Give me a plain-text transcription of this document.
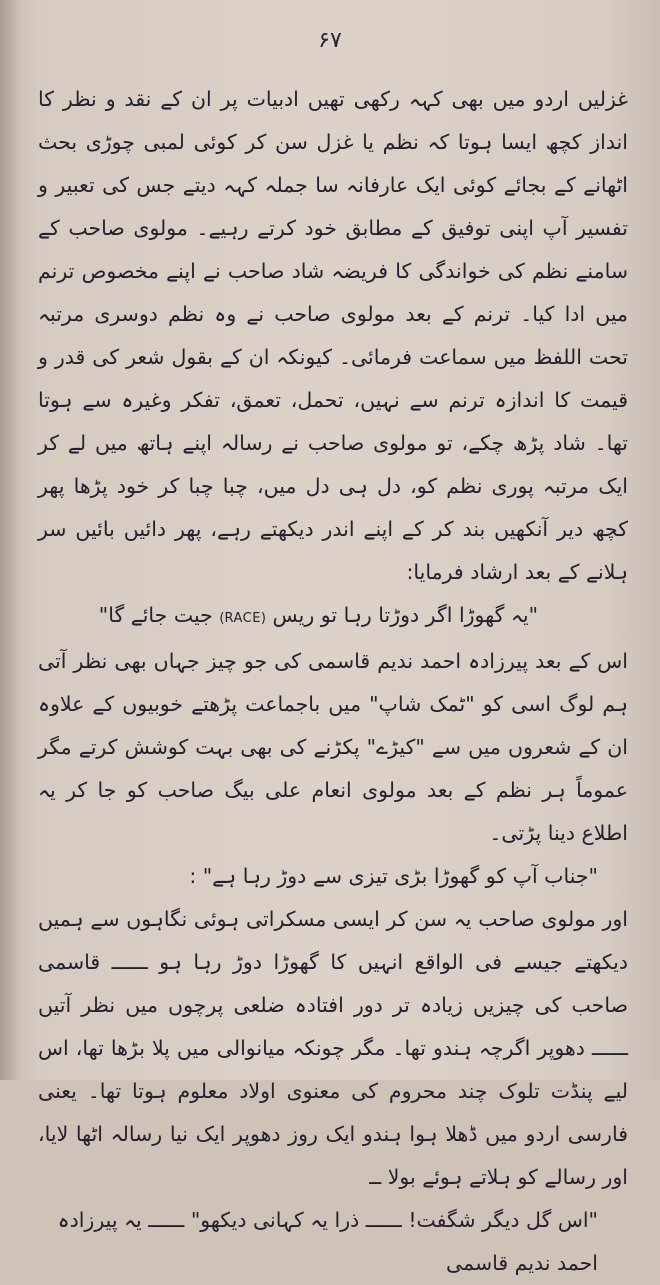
۶۷

غزلیں اردو میں بھی کہہ رکھی تھیں ادبیات پر ان کے نقد و نظر کا انداز کچھ ایسا ہوتا کہ نظم یا غزل سن کر کوئی لمبی چوڑی بحث اٹھانے کے بجائے کوئی ایک عارفانہ سا جملہ کہہ دیتے جس کی تعبیر و تفسیر آپ اپنی توفیق کے مطابق خود کرتے رہیے۔ مولوی صاحب کے سامنے نظم کی خواندگی کا فریضہ شاد صاحب نے اپنے مخصوص ترنم میں ادا کیا۔ ترنم کے بعد مولوی صاحب نے وہ نظم دوسری مرتبہ تحت اللفظ میں سماعت فرمائی۔ کیونکہ ان کے بقول شعر کی قدر و قیمت کا اندازہ ترنم سے نہیں، تحمل، تعمق، تفکر وغیرہ سے ہوتا تھا۔ شاد پڑھ چکے، تو مولوی صاحب نے رسالہ اپنے ہاتھ میں لے کر ایک مرتبہ پوری نظم کو، دل ہی دل میں، چبا چبا کر خود پڑھا پھر کچھ دیر آنکھیں بند کر کے اپنے اندر دیکھتے رہے، پھر دائیں بائیں سر ہلانے کے بعد ارشاد فرمایا:

"یہ گھوڑا اگر دوڑتا رہا تو ریس (RACE) جیت جائے گا"

اس کے بعد پیرزادہ احمد ندیم قاسمی کی جو چیز جہاں بھی نظر آتی ہم لوگ اسی کو "ٹمک شاپ" میں باجماعت پڑھتے خوبیوں کے علاوہ ان کے شعروں میں سے "کیڑے" پکڑنے کی بھی بہت کوشش کرتے مگر عموماً ہر نظم کے بعد مولوی انعام علی بیگ صاحب کو جا کر یہ اطلاع دینا پڑتی۔

"جناب آپ کو گھوڑا بڑی تیزی سے دوڑ رہا ہے" :

اور مولوی صاحب یہ سن کر ایسی مسکراتی ہوئی نگاہوں سے ہمیں دیکھتے جیسے فی الواقع انہیں کا گھوڑا دوڑ رہا ہو ــــــ قاسمی صاحب کی چیزیں زیادہ تر دور افتادہ ضلعی پرچوں میں نظر آتیں ــــــ دھوپر اگرچہ ہندو تھا۔ مگر چونکہ میانوالی میں پلا بڑھا تھا، اس لیے پنڈت تلوک چند محروم کی معنوی اولاد معلوم ہوتا تھا۔ یعنی فارسی اردو میں ڈھلا ہوا ہندو ایک روز دھوپر ایک نیا رسالہ اٹھا لایا، اور رسالے کو ہلاتے ہوئے بولا ــ

"اس گل دیگر شگفت! ــــــ ذرا یہ کہانی دیکھو" ــــــ یہ پیرزادہ احمد ندیم قاسمی
